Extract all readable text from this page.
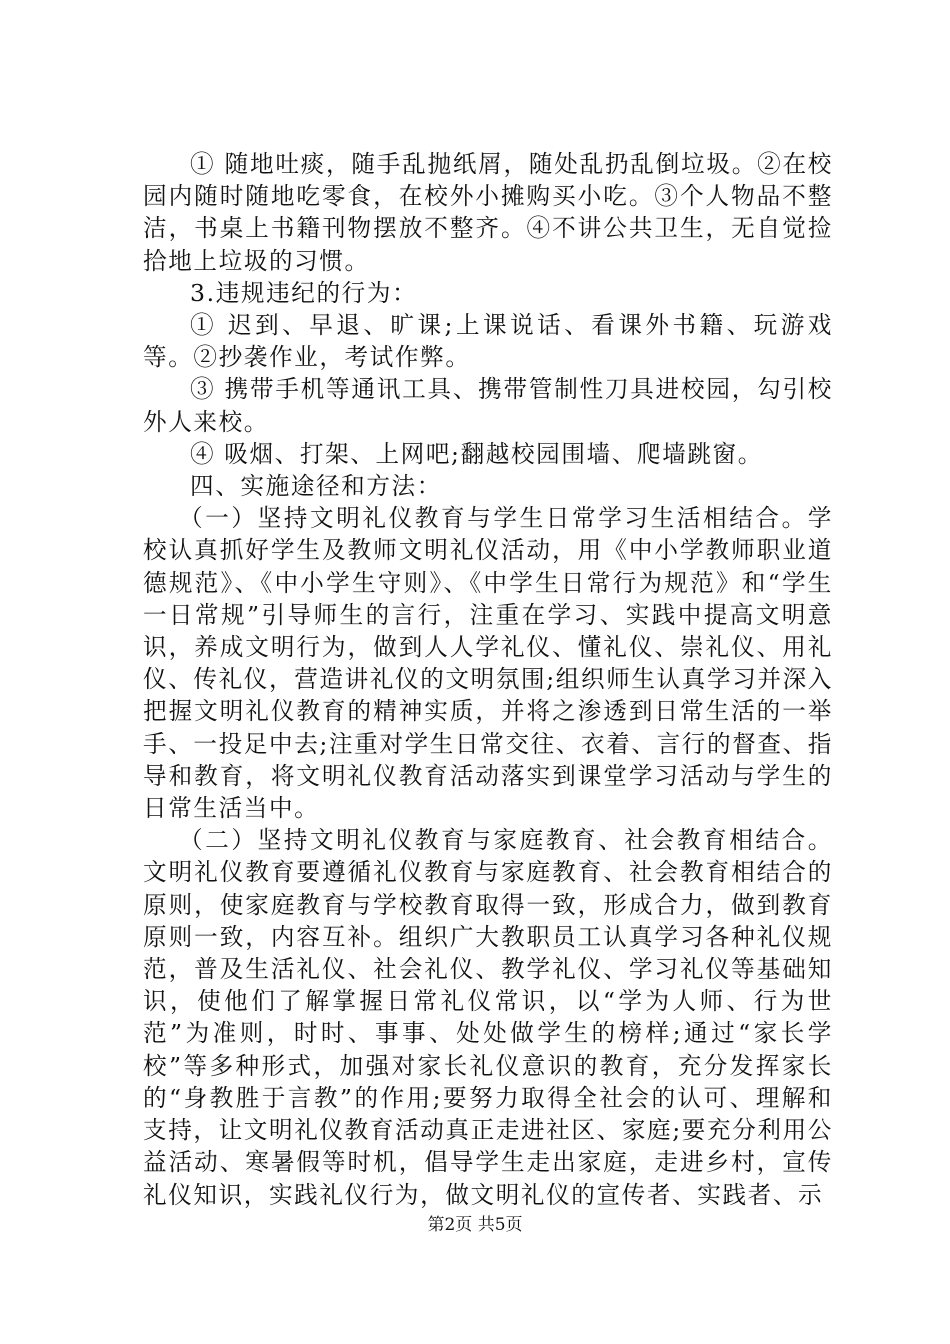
① 随地吐痰，随手乱抛纸屑，随处乱扔乱倒垃圾。②在校园内随时随地吃零食，在校外小摊购买小吃。③个人物品不整洁，书桌上书籍刊物摆放不整齐。④不讲公共卫生，无自觉捡拾地上垃圾的习惯。

3.违规违纪的行为：

① 迟到、早退、旷课;上课说话、看课外书籍、玩游戏等。②抄袭作业，考试作弊。

③ 携带手机等通讯工具、携带管制性刀具进校园，勾引校外人来校。

④ 吸烟、打架、上网吧;翻越校园围墙、爬墙跳窗。

四、实施途径和方法：

（一）坚持文明礼仪教育与学生日常学习生活相结合。学校认真抓好学生及教师文明礼仪活动，用《中小学教师职业道德规范》、《中小学生守则》、《中学生日常行为规范》和“学生一日常规”引导师生的言行，注重在学习、实践中提高文明意识，养成文明行为，做到人人学礼仪、懂礼仪、崇礼仪、用礼仪、传礼仪，营造讲礼仪的文明氛围;组织师生认真学习并深入把握文明礼仪教育的精神实质，并将之渗透到日常生活的一举手、一投足中去;注重对学生日常交往、衣着、言行的督查、指导和教育，将文明礼仪教育活动落实到课堂学习活动与学生的日常生活当中。

（二）坚持文明礼仪教育与家庭教育、社会教育相结合。文明礼仪教育要遵循礼仪教育与家庭教育、社会教育相结合的原则，使家庭教育与学校教育取得一致，形成合力，做到教育原则一致，内容互补。组织广大教职员工认真学习各种礼仪规范，普及生活礼仪、社会礼仪、教学礼仪、学习礼仪等基础知识，使他们了解掌握日常礼仪常识，以“学为人师、行为世范”为准则，时时、事事、处处做学生的榜样;通过“家长学校”等多种形式，加强对家长礼仪意识的教育，充分发挥家长的“身教胜于言教”的作用;要努力取得全社会的认可、理解和支持，让文明礼仪教育活动真正走进社区、家庭;要充分利用公益活动、寒暑假等时机，倡导学生走出家庭，走进乡村，宣传礼仪知识，实践礼仪行为，做文明礼仪的宣传者、实践者、示

第2页 共5页
